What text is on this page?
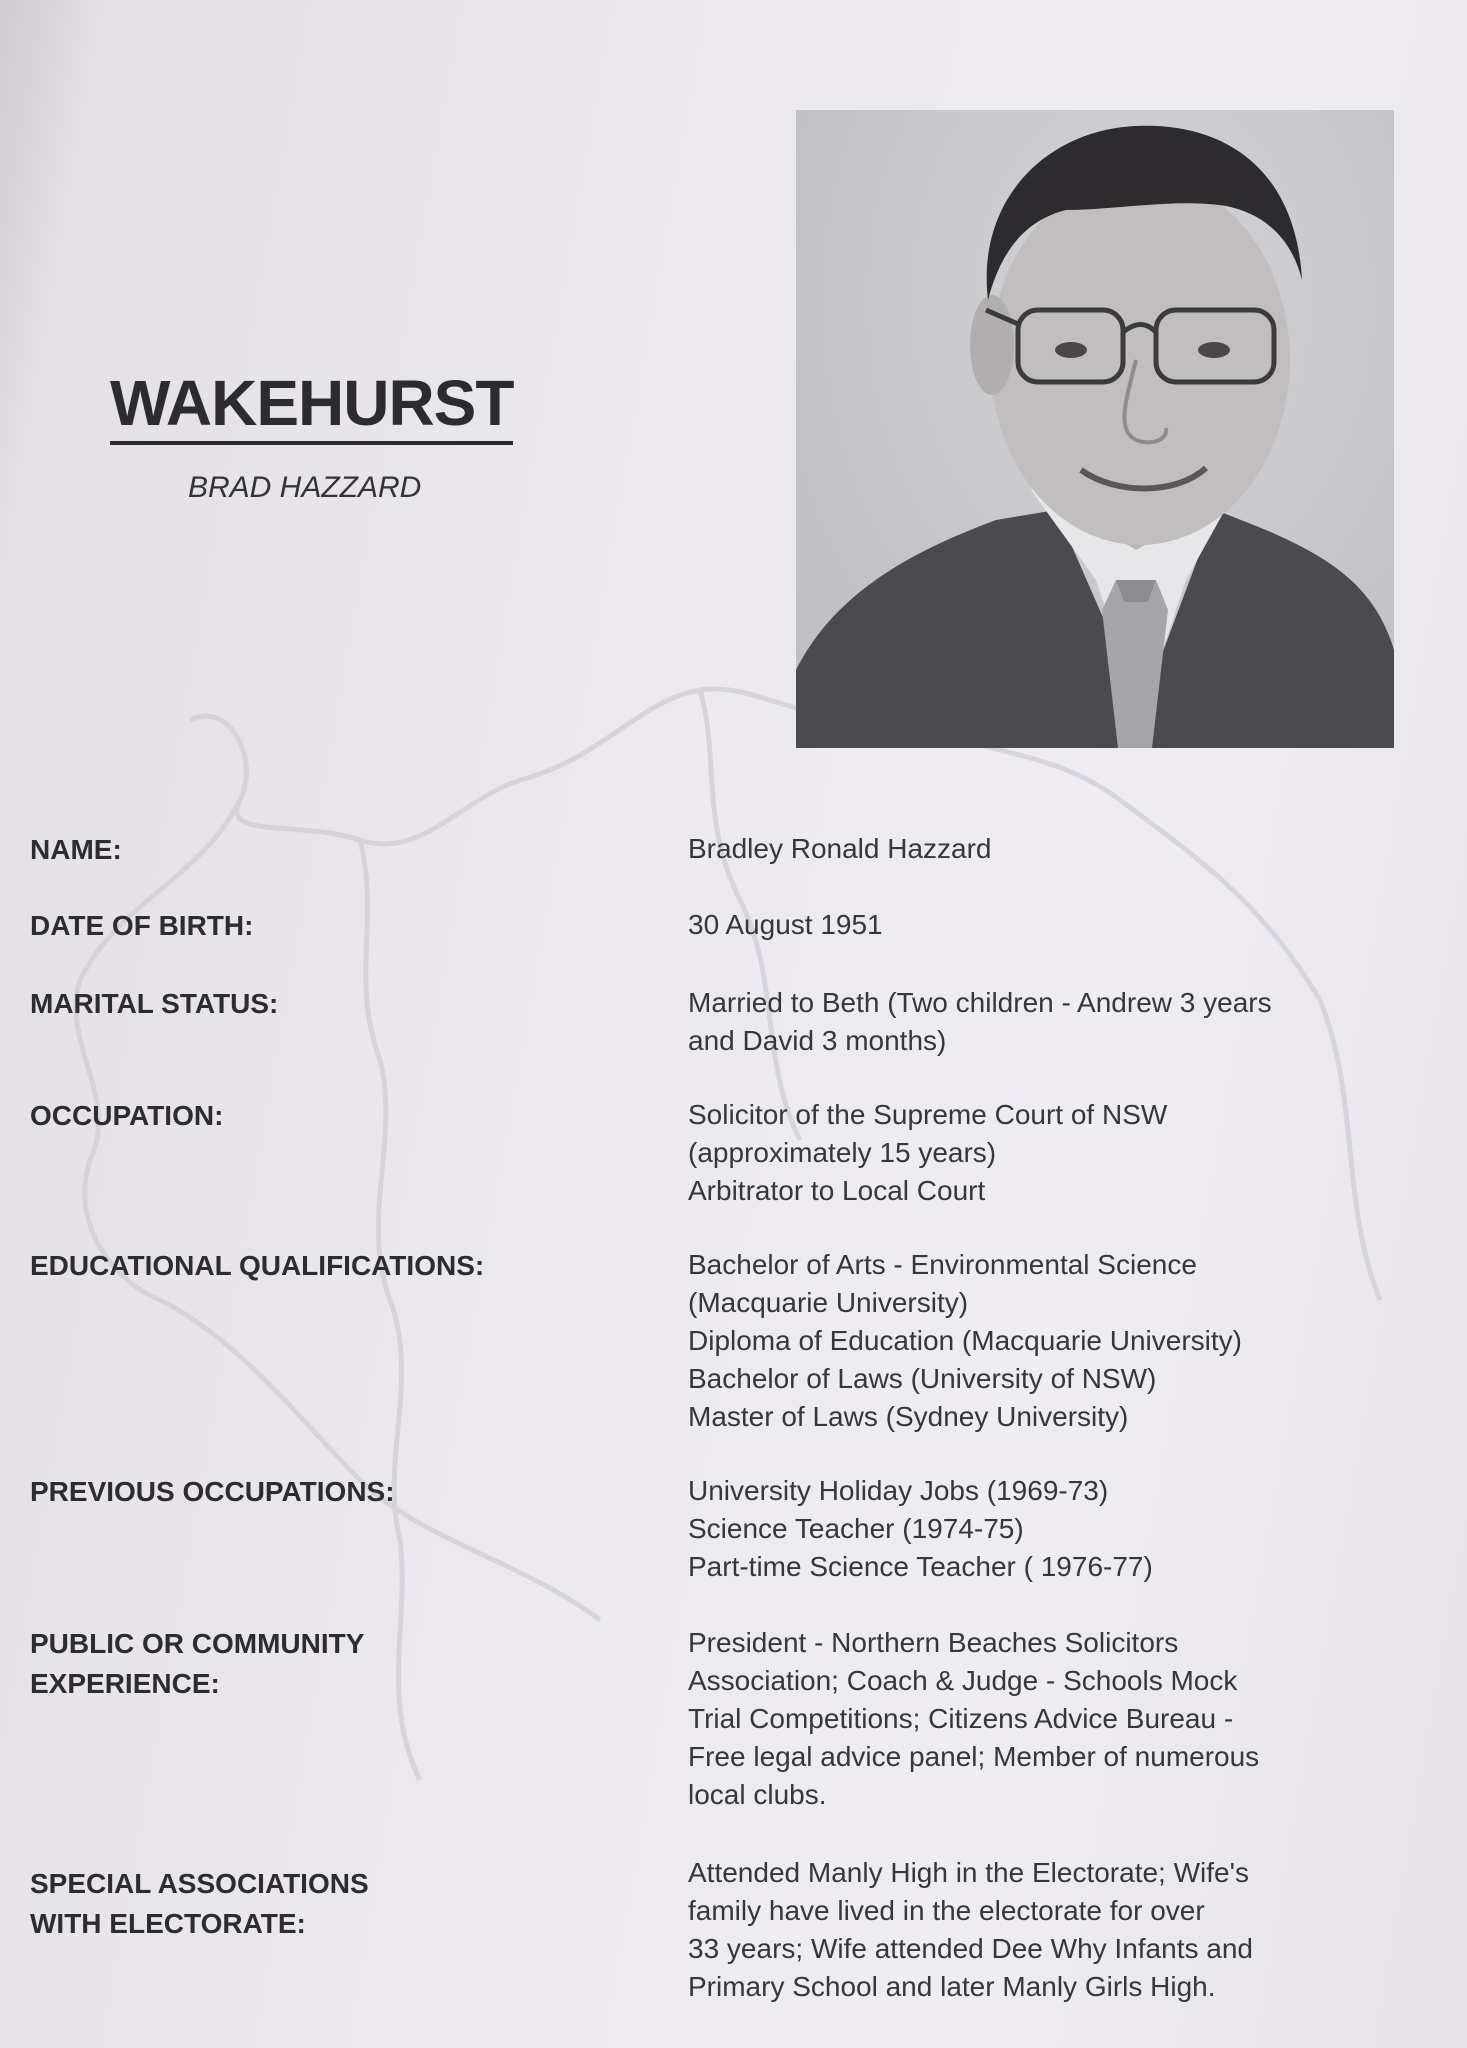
WAKEHURST
BRAD HAZZARD
NAME:	Bradley Ronald Hazzard
DATE OF BIRTH:	30 August 1951
MARITAL STATUS:	Married to Beth (Two children - Andrew 3 years
and David 3 months)
OCCUPATION:	Solicitor of the Supreme Court of NSW
(approximately 15 years)
Arbitrator to Local Court
EDUCATIONAL QUALIFICATIONS:	Bachelor of Arts - Environmental Science
(Macquarie University)
Diploma of Education (Macquarie University)
Bachelor of Laws (University of NSW)
Master of Laws (Sydney University)
PREVIOUS OCCUPATIONS:	University Holiday Jobs (1969-73)
Science Teacher (1974-75)
Part-time Science Teacher ( 1976-77)
PUBLIC OR COMMUNITY
EXPERIENCE:
President - Northern Beaches Solicitors
Association; Coach & Judge - Schools Mock
Trial Competitions; Citizens Advice Bureau -
Free legal advice panel; Member of numerous
local clubs.
SPECIAL ASSOCIATIONS
WITH ELECTORATE:
Attended Manly High in the Electorate; Wife's
family have lived in the electorate for over
33 years; Wife attended Dee Why Infants and
Primary School and later Manly Girls High.
